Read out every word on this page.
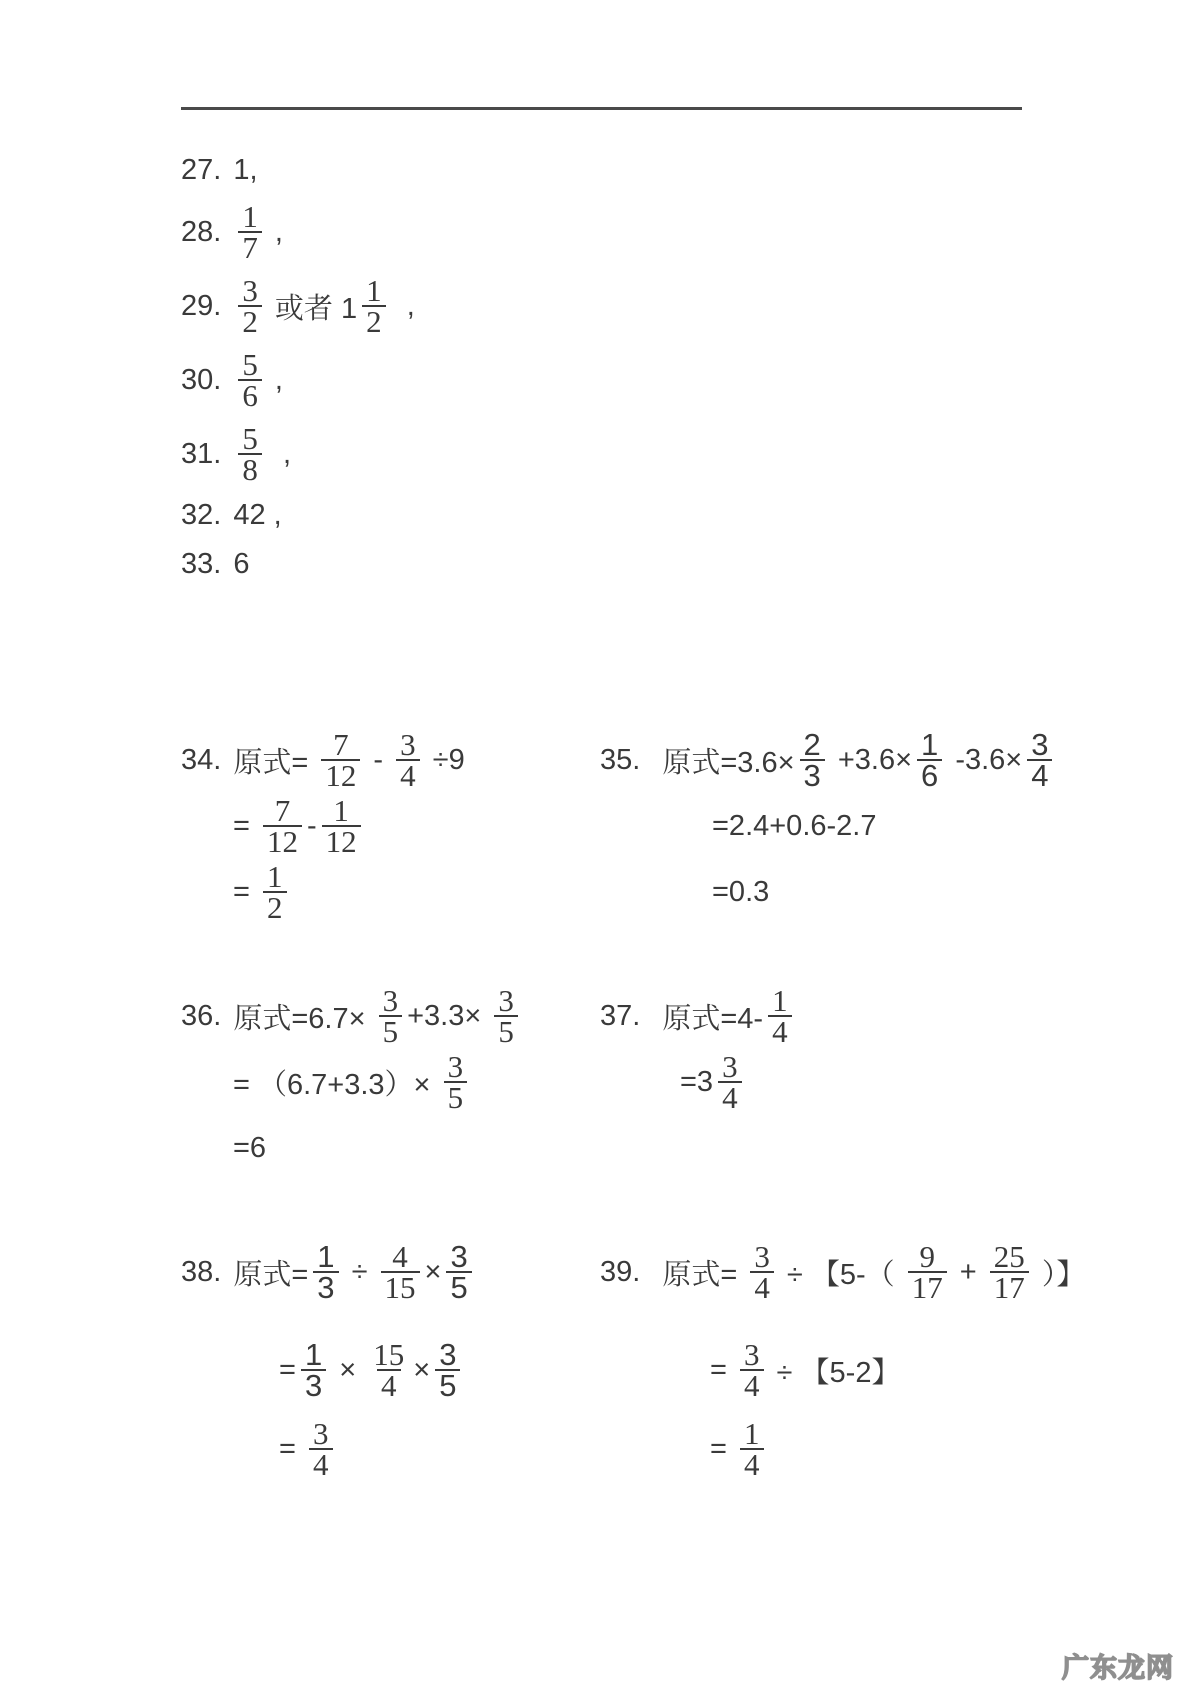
27. 1,
28. $\frac{1}{7}$ ,
29. $\frac{3}{2}$ 或者 $1 \frac{1}{2}$ ,
30. $\frac{5}{6}$ ,
31. $\frac{5}{8}$ ,
32. 42 ,
33. 6
34. 原式= $\frac{7}{12} - \frac{3}{4} \div 9$
= $\frac{7}{12} - \frac{1}{12}$
= $\frac{1}{2}$
35. 原式$=3.6\times \frac{2}{3} +3.6\times \frac{1}{6} -3.6\times \frac{3}{4}$
=2.4+0.6-2.7
=0.3
36. 原式$=6.7\times \frac{3}{5} +3.3\times \frac{3}{5}$
= $(6.7+3.3)\times \frac{3}{5}$
=6
37. 原式$=4- \frac{1}{4}$
$=3 \frac{3}{4}$
38. 原式= $\frac{1}{3} \div \frac{4}{15} \times \frac{3}{5}$
= $\frac{1}{3} \times \frac{15}{4} \times \frac{3}{5}$
= $\frac{3}{4}$
39. 原式= $\frac{3}{4}$ ÷ 【$5-( \frac{9}{17} + \frac{25}{17}$ ）】
= $\frac{3}{4}$ ÷ 【5-2】
= $\frac{1}{4}$
广东龙网
